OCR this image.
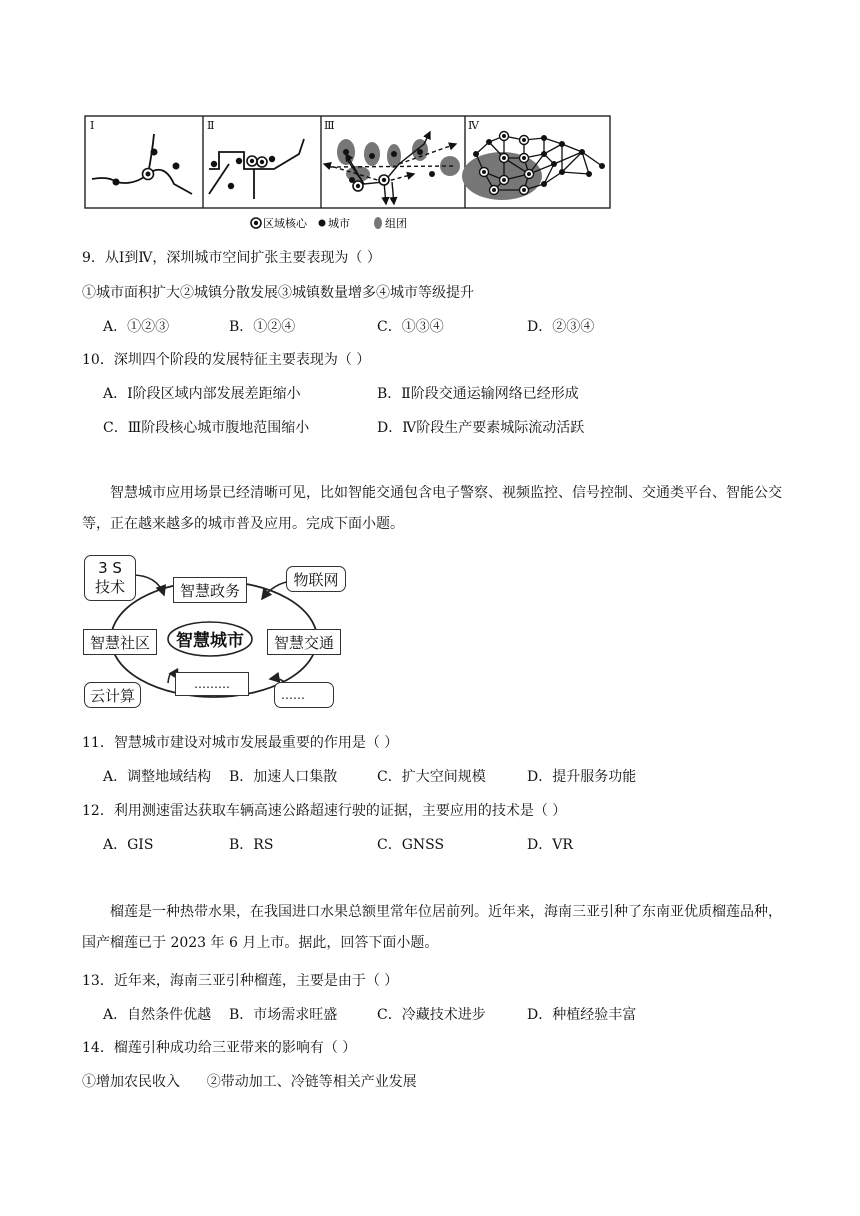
Ⅰ	Ⅱ	Ⅲ	Ⅳ
区域核心 城市	组团
9．从Ⅰ到Ⅳ，深圳城市空间扩张主要表现为（ ）
①城市面积扩大②城镇分散发展③城镇数量增多④城市等级提升
A．①②③	B．①②④	C．①③④	D．②③④
10．深圳四个阶段的发展特征主要表现为（ ）
A．Ⅰ阶段区域内部发展差距缩小	B．Ⅱ阶段交通运输网络已经形成
C．Ⅲ阶段核心城市腹地范围缩小	D．Ⅳ阶段生产要素城际流动活跃
智慧城市应用场景已经清晰可见，比如智能交通包含电子警察、视频监控、信号控制、交通类平台、智能公交等，正在越来越多的城市普及应用。完成下面小题。
智慧政务
智慧社区	智慧交通
………
智慧城市
3 S
技术	物联网
云计算	……
11．智慧城市建设对城市发展最重要的作用是（ ）
A．调整地域结构 B．加速人口集散	C．扩大空间规模	D．提升服务功能
12．利用测速雷达获取车辆高速公路超速行驶的证据，主要应用的技术是（ ）
A．GIS	B．RS	C．GNSS	D．VR
榴莲是一种热带水果，在我国进口水果总额里常年位居前列。近年来，海南三亚引种了东南亚优质榴莲品种，国产榴莲已于 2023 年 6 月上市。据此，回答下面小题。
13．近年来，海南三亚引种榴莲，主要是由于（ ）
A．自然条件优越 B．市场需求旺盛	C．冷藏技术进步	D．种植经验丰富
14．榴莲引种成功给三亚带来的影响有（ ）
①增加农民收入      ②带动加工、冷链等相关产业发展
